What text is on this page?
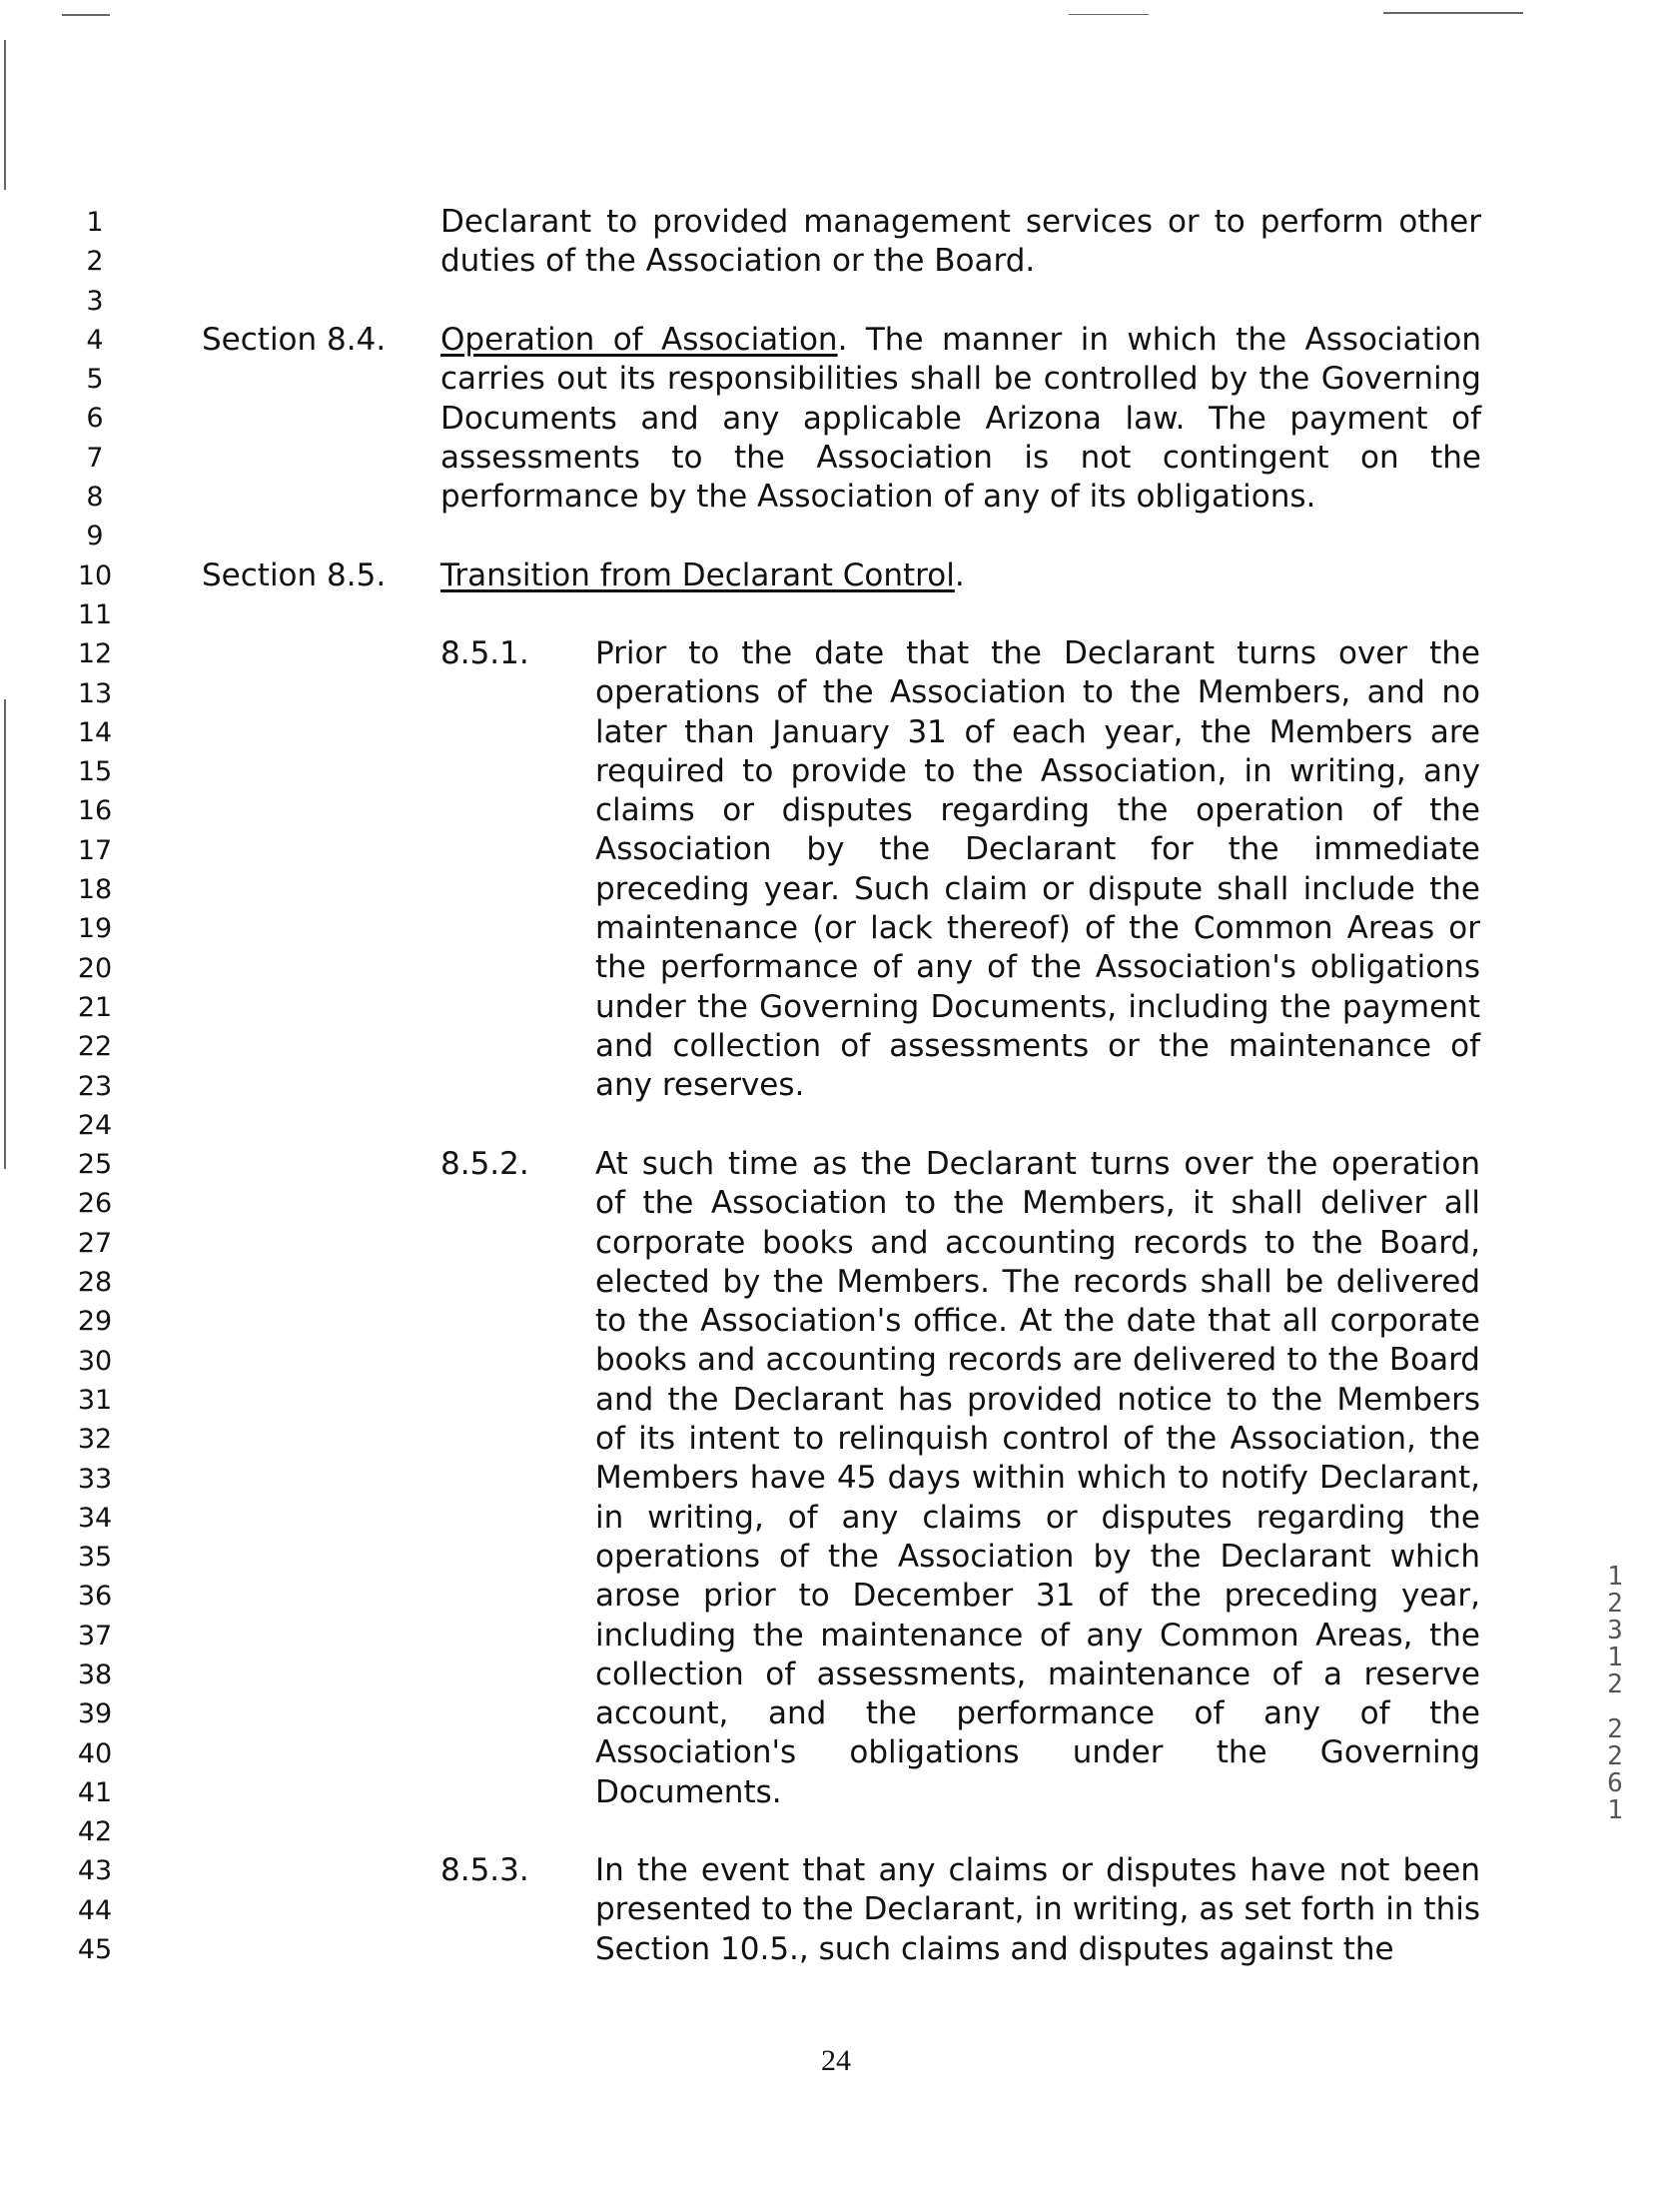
1
2
3
4
5
6
7
8
9
10
11
12
13
14
15
16
17
18
19
20
21
22
23
24
25
26
27
28
29
30
31
32
33
34
35
36
37
38
39
40
41
42
43
44
45
Declarant to provided management services or to perform other duties of the Association or the Board.
Section 8.4. Operation of Association. The manner in which the Association carries out its responsibilities shall be controlled by the Governing Documents and any applicable Arizona law. The payment of assessments to the Association is not contingent on the performance by the Association of any of its obligations.
Section 8.5. Transition from Declarant Control.
8.5.1. Prior to the date that the Declarant turns over the operations of the Association to the Members, and no later than January 31 of each year, the Members are required to provide to the Association, in writing, any claims or disputes regarding the operation of the Association by the Declarant for the immediate preceding year. Such claim or dispute shall include the maintenance (or lack thereof) of the Common Areas or the performance of any of the Association's obligations under the Governing Documents, including the payment and collection of assessments or the maintenance of any reserves.
8.5.2. At such time as the Declarant turns over the operation of the Association to the Members, it shall deliver all corporate books and accounting records to the Board, elected by the Members. The records shall be delivered to the Association's office. At the date that all corporate books and accounting records are delivered to the Board and the Declarant has provided notice to the Members of its intent to relinquish control of the Association, the Members have 45 days within which to notify Declarant, in writing, of any claims or disputes regarding the operations of the Association by the Declarant which arose prior to December 31 of the preceding year, including the maintenance of any Common Areas, the collection of assessments, maintenance of a reserve account, and the performance of any of the Association's obligations under the Governing Documents.
8.5.3. In the event that any claims or disputes have not been presented to the Declarant, in writing, as set forth in this Section 10.5., such claims and disputes against the
1
2
3
1
2
2
2
6
1
24
